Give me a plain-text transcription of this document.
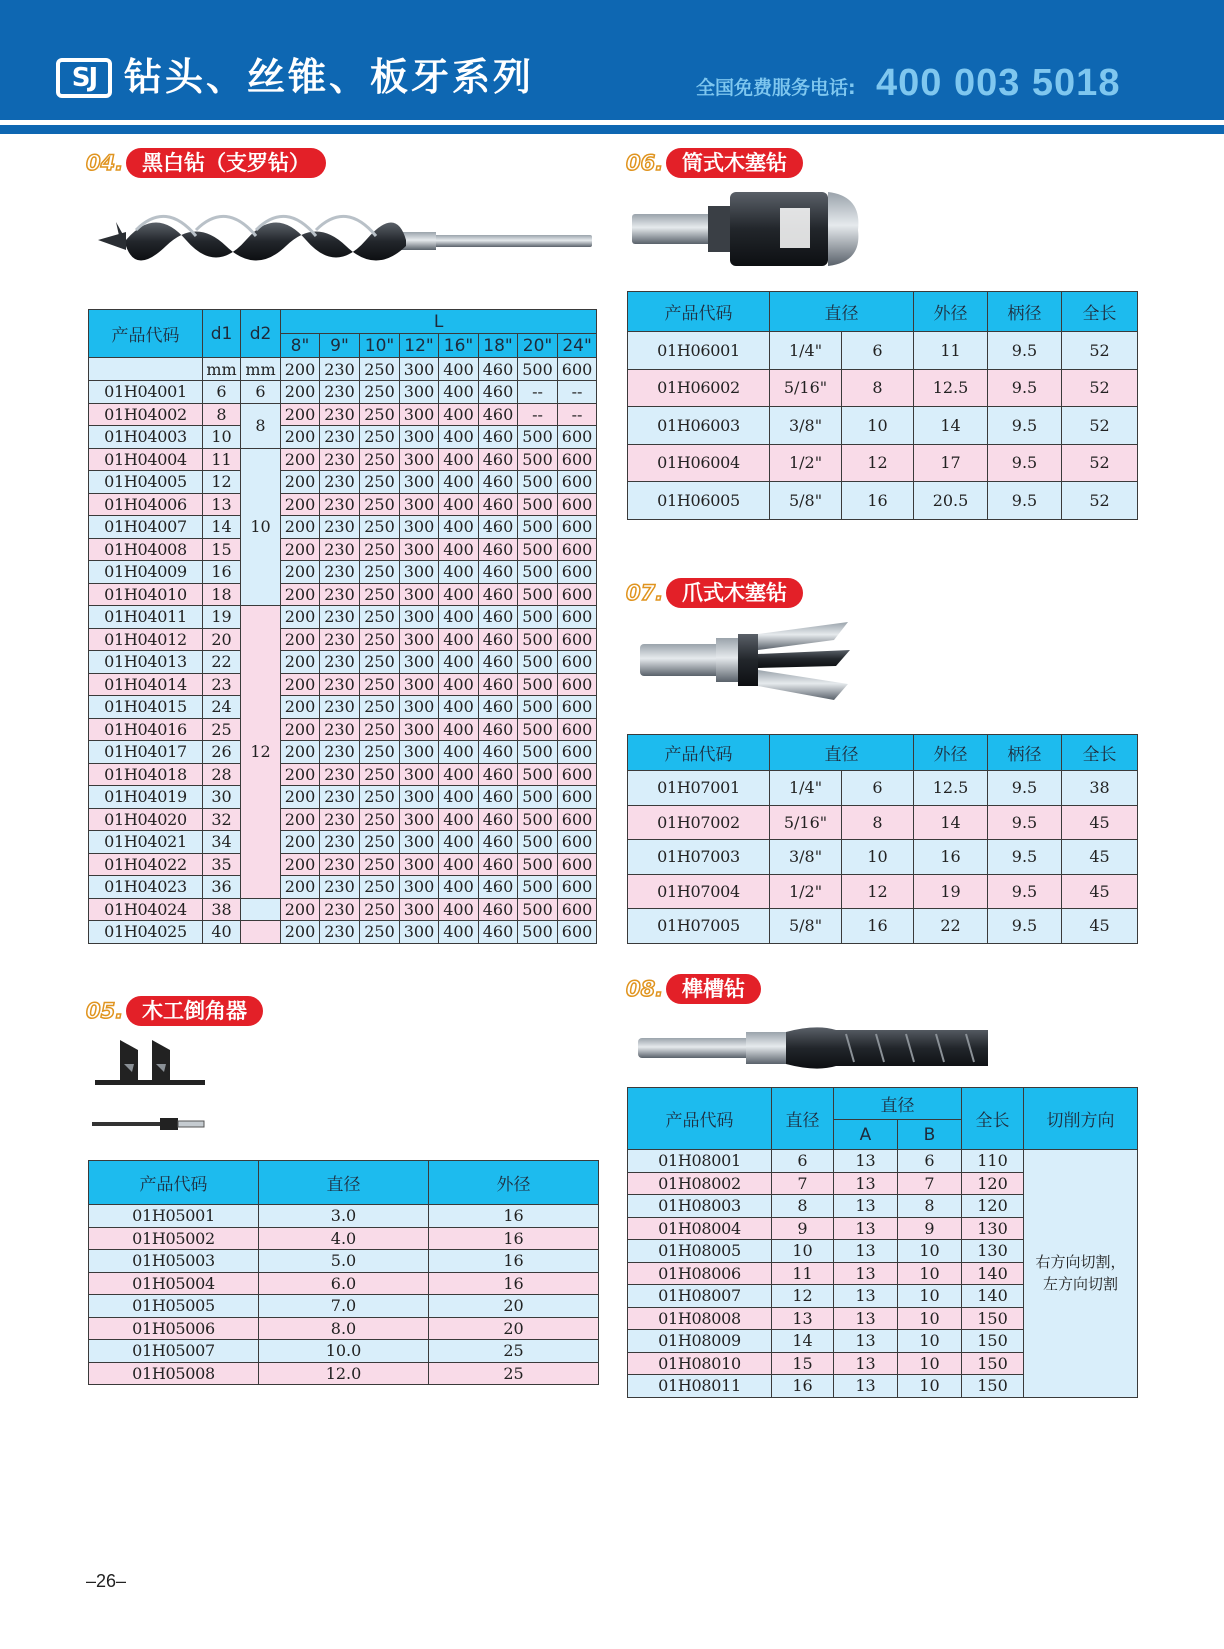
SJ 钻头、丝锥、板牙系列	全国免费服务电话: 400 003 5018
04. 黑白钻（支罗钻）
产品代码	d1	d2	L							
			8"	9"	10"	12"	16"	18"	20"	24"
	mm	mm	200	230	250	300	400	460	500	600
01H04001	6	6	200	230	250	300	400	460	--	--
01H04002	8	8	200	230	250	300	400	460	--	--
01H04003	10		200	230	250	300	400	460	500	600
01H04004	11	10	200	230	250	300	400	460	500	600
01H04005	12		200	230	250	300	400	460	500	600
01H04006	13		200	230	250	300	400	460	500	600
01H04007	14		200	230	250	300	400	460	500	600
01H04008	15		200	230	250	300	400	460	500	600
01H04009	16		200	230	250	300	400	460	500	600
01H04010	18		200	230	250	300	400	460	500	600
01H04011	19	12	200	230	250	300	400	460	500	600
01H04012	20		200	230	250	300	400	460	500	600
01H04013	22		200	230	250	300	400	460	500	600
01H04014	23		200	230	250	300	400	460	500	600
01H04015	24		200	230	250	300	400	460	500	600
01H04016	25		200	230	250	300	400	460	500	600
01H04017	26		200	230	250	300	400	460	500	600
01H04018	28		200	230	250	300	400	460	500	600
01H04019	30		200	230	250	300	400	460	500	600
01H04020	32		200	230	250	300	400	460	500	600
01H04021	34		200	230	250	300	400	460	500	600
01H04022	35		200	230	250	300	400	460	500	600
01H04023	36		200	230	250	300	400	460	500	600
01H04024	38		200	230	250	300	400	460	500	600
01H04025	40		200	230	250	300	400	460	500	600
05. 木工倒角器
产品代码	直径	外径
01H05001	3.0	16
01H05002	4.0	16
01H05003	5.0	16
01H05004	6.0	16
01H05005	7.0	20
01H05006	8.0	20
01H05007	10.0	25
01H05008	12.0	25
06. 筒式木塞钻
产品代码	直径		外径	柄径	全长
01H06001	1/4"	6	11	9.5	52
01H06002	5/16"	8	12.5	9.5	52
01H06003	3/8"	10	14	9.5	52
01H06004	1/2"	12	17	9.5	52
01H06005	5/8"	16	20.5	9.5	52
07. 爪式木塞钻
产品代码	直径		外径	柄径	全长
01H07001	1/4"	6	12.5	9.5	38
01H07002	5/16"	8	14	9.5	45
01H07003	3/8"	10	16	9.5	45
01H07004	1/2"	12	19	9.5	45
01H07005	5/8"	16	22	9.5	45
08. 榫槽钻
产品代码	直径	直径		全长	切削方向
		A	B		
01H08001	6	13	6	110	右方向切割，左方向切割
01H08002	7	13	7	120	
01H08003	8	13	8	120	
01H08004	9	13	9	130	
01H08005	10	13	10	130	
01H08006	11	13	10	140	
01H08007	12	13	10	140	
01H08008	13	13	10	150	
01H08009	14	13	10	150	
01H08010	15	13	10	150	
01H08011	16	13	10	150	
–26–
